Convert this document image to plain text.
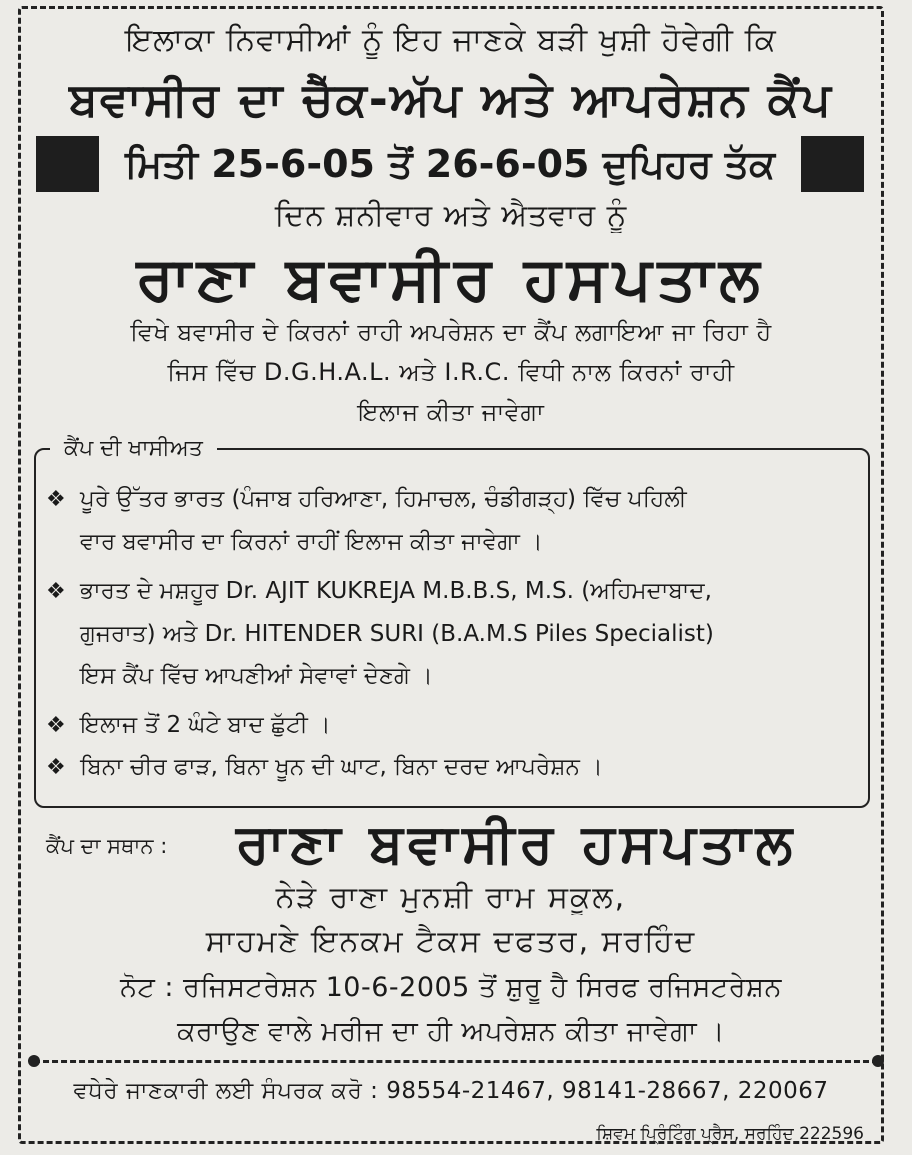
ਇਲਾਕਾ ਨਿਵਾਸੀਆਂ ਨੂੰ ਇਹ ਜਾਣਕੇ ਬੜੀ ਖੁਸ਼ੀ ਹੋਵੇਗੀ ਕਿ
ਬਵਾਸੀਰ ਦਾ ਚੈੱਕ-ਅੱਪ ਅਤੇ ਆਪਰੇਸ਼ਨ ਕੈਂਪ
ਮਿਤੀ 25-6-05 ਤੋਂ 26-6-05 ਦੁਪਿਹਰ ਤੱਕ
ਦਿਨ ਸ਼ਨੀਵਾਰ ਅਤੇ ਐਤਵਾਰ ਨੂੰ
ਰਾਣਾ ਬਵਾਸੀਰ ਹਸਪਤਾਲ
ਵਿਖੇ ਬਵਾਸੀਰ ਦੇ ਕਿਰਨਾਂ ਰਾਹੀ ਅਪਰੇਸ਼ਨ ਦਾ ਕੈਂਪ ਲਗਾਇਆ ਜਾ ਰਿਹਾ ਹੈ
ਜਿਸ ਵਿੱਚ D.G.H.A.L. ਅਤੇ I.R.C. ਵਿਧੀ ਨਾਲ ਕਿਰਨਾਂ ਰਾਹੀ
ਇਲਾਜ ਕੀਤਾ ਜਾਵੇਗਾ
ਕੈਂਪ ਦੀ ਖਾਸੀਅਤ
❖ ਪੂਰੇ ਉੱਤਰ ਭਾਰਤ (ਪੰਜਾਬ ਹਰਿਆਣਾ, ਹਿਮਾਚਲ, ਚੰਡੀਗੜ੍ਹ) ਵਿੱਚ ਪਹਿਲੀ
ਵਾਰ ਬਵਾਸੀਰ ਦਾ ਕਿਰਨਾਂ ਰਾਹੀਂ ਇਲਾਜ ਕੀਤਾ ਜਾਵੇਗਾ ।
❖ ਭਾਰਤ ਦੇ ਮਸ਼ਹੂਰ Dr. AJIT KUKREJA M.B.B.S, M.S. (ਅਹਿਮਦਾਬਾਦ,
ਗੁਜਰਾਤ) ਅਤੇ Dr. HITENDER SURI (B.A.M.S Piles Specialist)
ਇਸ ਕੈਂਪ ਵਿੱਚ ਆਪਣੀਆਂ ਸੇਵਾਵਾਂ ਦੇਣਗੇ ।
❖ ਇਲਾਜ ਤੋਂ 2 ਘੰਟੇ ਬਾਦ ਛੁੱਟੀ ।
❖ ਬਿਨਾ ਚੀਰ ਫਾੜ, ਬਿਨਾ ਖੂਨ ਦੀ ਘਾਟ, ਬਿਨਾ ਦਰਦ ਆਪਰੇਸ਼ਨ ।
ਕੈਂਪ ਦਾ ਸਥਾਨ : ਰਾਣਾ ਬਵਾਸੀਰ ਹਸਪਤਾਲ
ਨੇੜੇ ਰਾਣਾ ਮੁਨਸ਼ੀ ਰਾਮ ਸਕੂਲ,
ਸਾਹਮਣੇ ਇਨਕਮ ਟੈਕਸ ਦਫਤਰ, ਸਰਹਿੰਦ
ਨੋਟ : ਰਜਿਸਟਰੇਸ਼ਨ 10-6-2005 ਤੋਂ ਸ਼ੁਰੂ ਹੈ ਸਿਰਫ ਰਜਿਸਟਰੇਸ਼ਨ
ਕਰਾਉਣ ਵਾਲੇ ਮਰੀਜ ਦਾ ਹੀ ਅਪਰੇਸ਼ਨ ਕੀਤਾ ਜਾਵੇਗਾ ।
ਵਧੇਰੇ ਜਾਣਕਾਰੀ ਲਈ ਸੰਪਰਕ ਕਰੋ : 98554-21467, 98141-28667, 220067
ਸ਼ਿਵਮ ਪ੍ਰਿੰਟਿੰਗ ਪ੍ਰੈਸ, ਸਰਹਿੰਦ 222596
